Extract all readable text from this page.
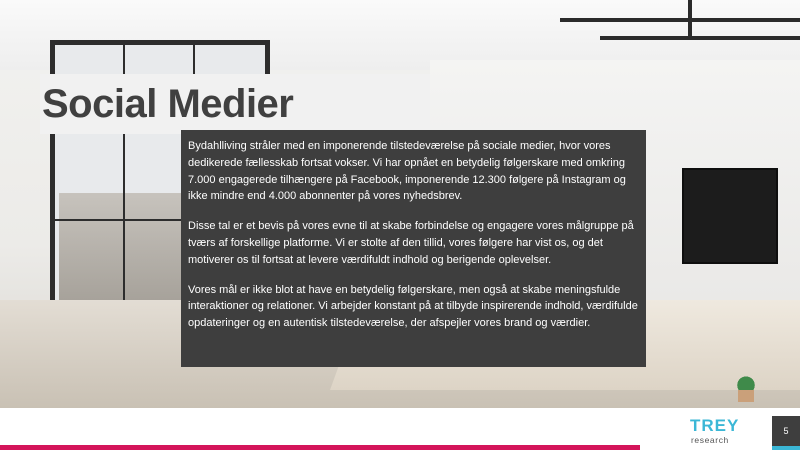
Social Medier

Bydahlliving stråler med en imponerende tilstedeværelse på sociale medier, hvor vores dedikerede fællesskab fortsat vokser. Vi har opnået en betydelig følgerskare med omkring 7.000 engagerede tilhængere på Facebook, imponerende 12.300 følgere på Instagram og ikke mindre end 4.000 abonnenter på vores nyhedsbrev.

Disse tal er et bevis på vores evne til at skabe forbindelse og engagere vores målgruppe på tværs af forskellige platforme. Vi er stolte af den tillid, vores følgere har vist os, og det motiverer os til fortsat at levere værdifuldt indhold og berigende oplevelser.

Vores mål er ikke blot at have en betydelig følgerskare, men også at skabe meningsfulde interaktioner og relationer. Vi arbejder konstant på at tilbyde inspirerende indhold, værdifulde opdateringer og en autentisk tilstedeværelse, der afspejler vores brand og værdier.

TREY
research
5
